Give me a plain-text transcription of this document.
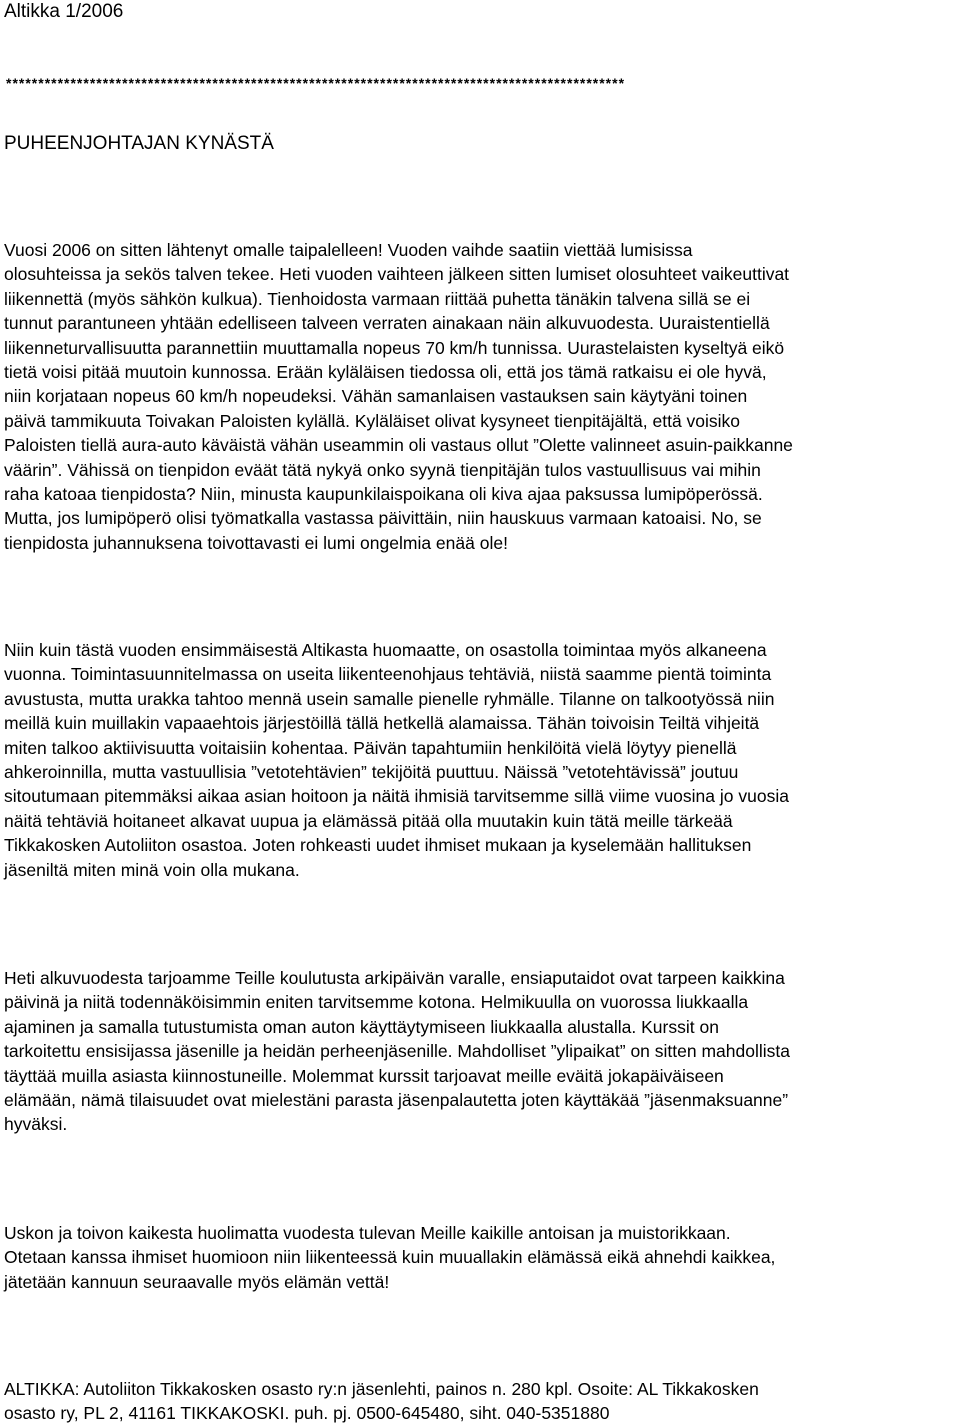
Altikka 1/2006
************************************************************************************************
PUHEENJOHTAJAN KYNÄSTÄ

Vuosi 2006 on sitten lähtenyt omalle taipalelleen! Vuoden vaihde saatiin viettää lumisissa
olosuhteissa ja sekös talven tekee. Heti vuoden vaihteen jälkeen sitten lumiset olosuhteet vaikeuttivat
liikennettä (myös sähkön kulkua). Tienhoidosta varmaan riittää puhetta tänäkin talvena sillä se ei
tunnut parantuneen yhtään edelliseen talveen verraten ainakaan näin alkuvuodesta. Uuraistentiellä
liikenneturvallisuutta parannettiin muuttamalla nopeus 70 km/h tunnissa. Uurastelaisten kyseltyä eikö
tietä voisi pitää muutoin kunnossa. Erään kyläläisen tiedossa oli, että jos tämä ratkaisu ei ole hyvä,
niin korjataan nopeus 60 km/h nopeudeksi. Vähän samanlaisen vastauksen sain käytyäni toinen
päivä tammikuuta Toivakan Paloisten kylällä. Kyläläiset olivat kysyneet tienpitäjältä, että voisiko
Paloisten tiellä aura-auto käväistä vähän useammin oli vastaus ollut ”Olette valinneet asuin-paikkanne
väärin”. Vähissä on tienpidon eväät tätä nykyä onko syynä tienpitäjän tulos vastuullisuus vai mihin
raha katoaa tienpidosta? Niin, minusta kaupunkilaispoikana oli kiva ajaa paksussa lumipöperössä.
Mutta, jos lumipöperö olisi työmatkalla vastassa päivittäin, niin hauskuus varmaan katoaisi. No, se
tienpidosta juhannuksena toivottavasti ei lumi ongelmia enää ole!

Niin kuin tästä vuoden ensimmäisestä Altikasta huomaatte, on osastolla toimintaa myös alkaneena
vuonna. Toimintasuunnitelmassa on useita liikenteenohjaus tehtäviä, niistä saamme pientä toiminta
avustusta, mutta urakka tahtoo mennä usein samalle pienelle ryhmälle. Tilanne on talkootyössä niin
meillä kuin muillakin vapaaehtois järjestöillä tällä hetkellä alamaissa. Tähän toivoisin Teiltä vihjeitä
miten talkoo aktiivisuutta voitaisiin kohentaa. Päivän tapahtumiin henkilöitä vielä löytyy pienellä
ahkeroinnilla, mutta vastuullisia ”vetotehtävien” tekijöitä puuttuu. Näissä ”vetotehtävissä” joutuu
sitoutumaan pitemmäksi aikaa asian hoitoon ja näitä ihmisiä tarvitsemme sillä viime vuosina jo vuosia
näitä tehtäviä hoitaneet alkavat uupua ja elämässä pitää olla muutakin kuin tätä meille tärkeää
Tikkakosken Autoliiton osastoa. Joten rohkeasti uudet ihmiset mukaan ja kyselemään hallituksen
jäseniltä miten minä voin olla mukana.

Heti alkuvuodesta tarjoamme Teille koulutusta arkipäivän varalle, ensiaputaidot ovat tarpeen kaikkina
päivinä ja niitä todennäköisimmin eniten tarvitsemme kotona. Helmikuulla on vuorossa liukkaalla
ajaminen ja samalla tutustumista oman auton käyttäytymiseen liukkaalla alustalla. Kurssit on
tarkoitettu ensisijassa jäsenille ja heidän perheenjäsenille. Mahdolliset ”ylipaikat” on sitten mahdollista
täyttää muilla asiasta kiinnostuneille. Molemmat kurssit tarjoavat meille eväitä jokapäiväiseen
elämään, nämä tilaisuudet ovat mielestäni parasta jäsenpalautetta joten käyttäkää ”jäsenmaksuanne”
hyväksi.

Uskon ja toivon kaikesta huolimatta vuodesta tulevan Meille kaikille antoisan ja muistorikkaan.
Otetaan kanssa ihmiset huomioon niin liikenteessä kuin muuallakin elämässä eikä ahnehdi kaikkea,
jätetään kannuun seuraavalle myös elämän vettä!

ALTIKKA: Autoliiton Tikkakosken osasto ry:n jäsenlehti, painos n. 280 kpl. Osoite: AL Tikkakosken
osasto ry, PL 2, 41161 TIKKAKOSKI. puh. pj. 0500-645480, siht. 040-5351880
